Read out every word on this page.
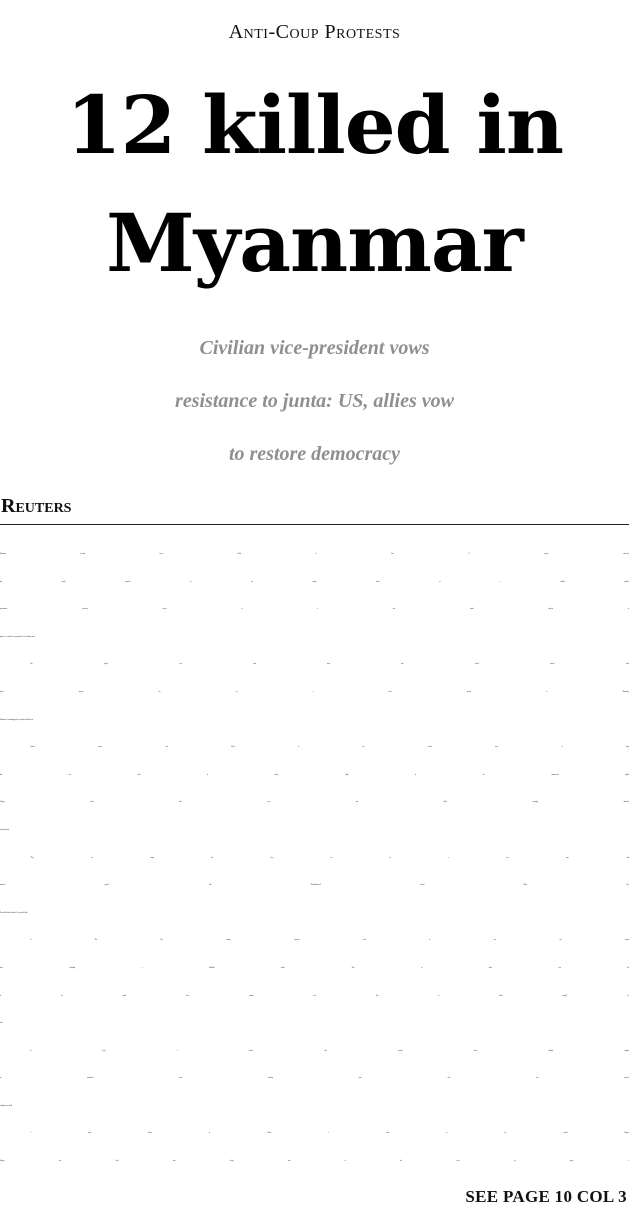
Anti-Coup Protests
12 killed in
Myanmar
Civilian vice-president vows
resistance to junta: US, allies vow
to restore democracy
Reuters

Myanmar security forces killed at least 12 people, witnesses
and media reported, as the acting leader of a civilian parallel
government yesterday vowed in a first public address to
pursue a “revolution” to overturn the Feb 1 military coup.

Five people were shot dead and several injured when
police opened fire on a sit-in protest in Mandalay,
Myanmar’s second-biggest city, witnesses told Reuters.

Another person was killed in the central town of Pyay
and two died in police firing in the commercial capital
Yangon, where three were also killed overnight, domestic
media reported.

“They are acting like they are in a war zone, with
unarmed people,” said Mandalay-based activist Myat Thu.
He said the dead included a 13-year-old child.

Si Thu Tun, another protester, said he saw two people
shot, including a Buddhist monk. “One of them was hit
in the pubic bone, another was shot to death terribly,” he
said.

In Pyay, a witness said security forces initially stopped
an ambulance from reaching those who were injured,
leading to one death.

A truck driver in Chauk, a town in the central Magwe
Region, also died after being shot in the chest by police, a

SEE PAGE 10 COL 3
